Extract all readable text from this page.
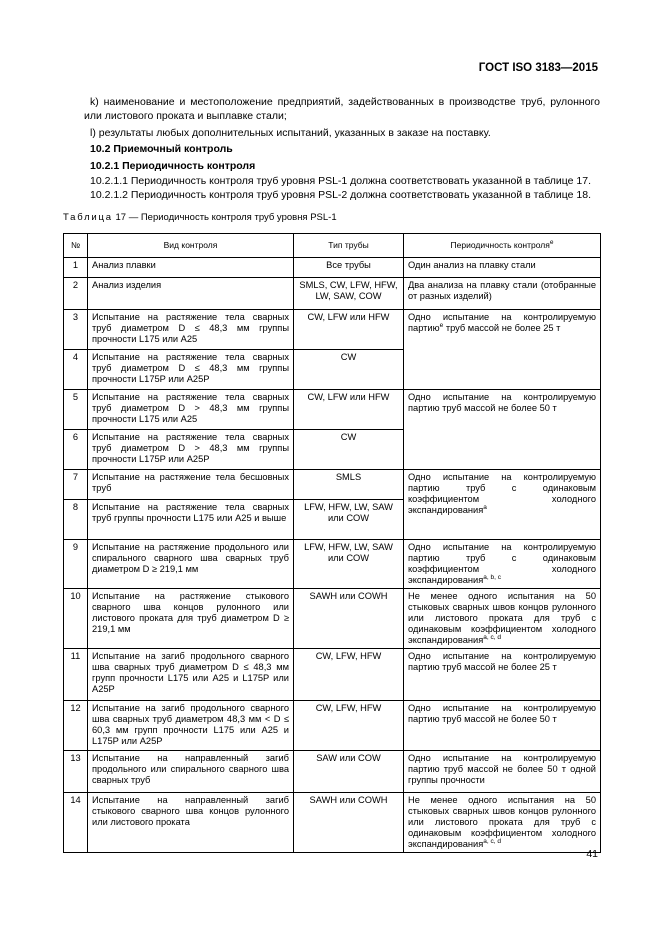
ГОСТ ISO 3183—2015

k) наименование и местоположение предприятий, задействованных в производстве труб, рулонного или листового проката и выплавке стали;

l) результаты любых дополнительных испытаний, указанных в заказе на поставку.

10.2 Приемочный контроль
10.2.1 Периодичность контроля
10.2.1.1 Периодичность контроля труб уровня PSL-1 должна соответствовать указанной в таблице 17.
10.2.1.2 Периодичность контроля труб уровня PSL-2 должна соответствовать указанной в таблице 18.
Таблица 17 — Периодичность контроля труб уровня PSL-1
№	Вид контроля	Тип трубы	Периодичность контроля$^e$
1	Анализ плавки	Все трубы	Один анализ на плавку стали
2	Анализ изделия	SMLS, CW, LFW, HFW, LW, SAW, COW	Два анализа на плавку стали (отобранные от разных изделий)
3	Испытание на растяжение тела сварных труб диаметром D ≤ 48,3 мм группы прочности L175 или A25	CW, LFW или HFW	Одно испытание на контролируемую партию$^e$ труб массой не более 25 т
4	Испытание на растяжение тела сварных труб диаметром D ≤ 48,3 мм группы прочности L175P или A25P	CW	
5	Испытание на растяжение тела сварных труб диаметром D > 48,3 мм группы прочности L175 или A25	CW, LFW или HFW	Одно испытание на контролируемую партию труб массой не более 50 т
6	Испытание на растяжение тела сварных труб диаметром D > 48,3 мм группы прочности L175P или A25P	CW	
7	Испытание на растяжение тела бесшовных труб	SMLS	Одно испытание на контролируемую партию труб с одинаковым коэффициентом холодного экспандирования$^a$
8	Испытание на растяжение тела сварных труб группы прочности L175 или A25 и выше	LFW, HFW, LW, SAW или COW	
9	Испытание на растяжение продольного или спирального сварного шва сварных труб диаметром D ≥ 219,1 мм	LFW, HFW, LW, SAW или COW	Одно испытание на контролируемую партию труб с одинаковым коэффициентом холодного экспандирования$^{a, b, c}$
10	Испытание на растяжение стыкового сварного шва концов рулонного или листового проката для труб диаметром D ≥ 219,1 мм	SAWH или COWH	Не менее одного испытания на 50 стыковых сварных швов концов рулонного или листового проката для труб с одинаковым коэффициентом холодного экспандирования$^{a, c, d}$
11	Испытание на загиб продольного сварного шва сварных труб диаметром D ≤ 48,3 мм групп прочности L175 или A25 и L175P или A25P	CW, LFW, HFW	Одно испытание на контролируемую партию труб массой не более 25 т
12	Испытание на загиб продольного сварного шва сварных труб диаметром 48,3 мм < D ≤ 60,3 мм групп прочности L175 или A25 и L175P или A25P	CW, LFW, HFW	Одно испытание на контролируемую партию труб массой не более 50 т
13	Испытание на направленный загиб продольного или спирального сварного шва сварных труб	SAW или COW	Одно испытание на контролируемую партию труб массой не более 50 т одной группы прочности
14	Испытание на направленный загиб стыкового сварного шва концов рулонного или листового проката	SAWH или COWH	Не менее одного испытания на 50 стыковых сварных швов концов рулонного или листового проката для труб с одинаковым коэффициентом холодного экспандирования$^{a, c, d}$
41
